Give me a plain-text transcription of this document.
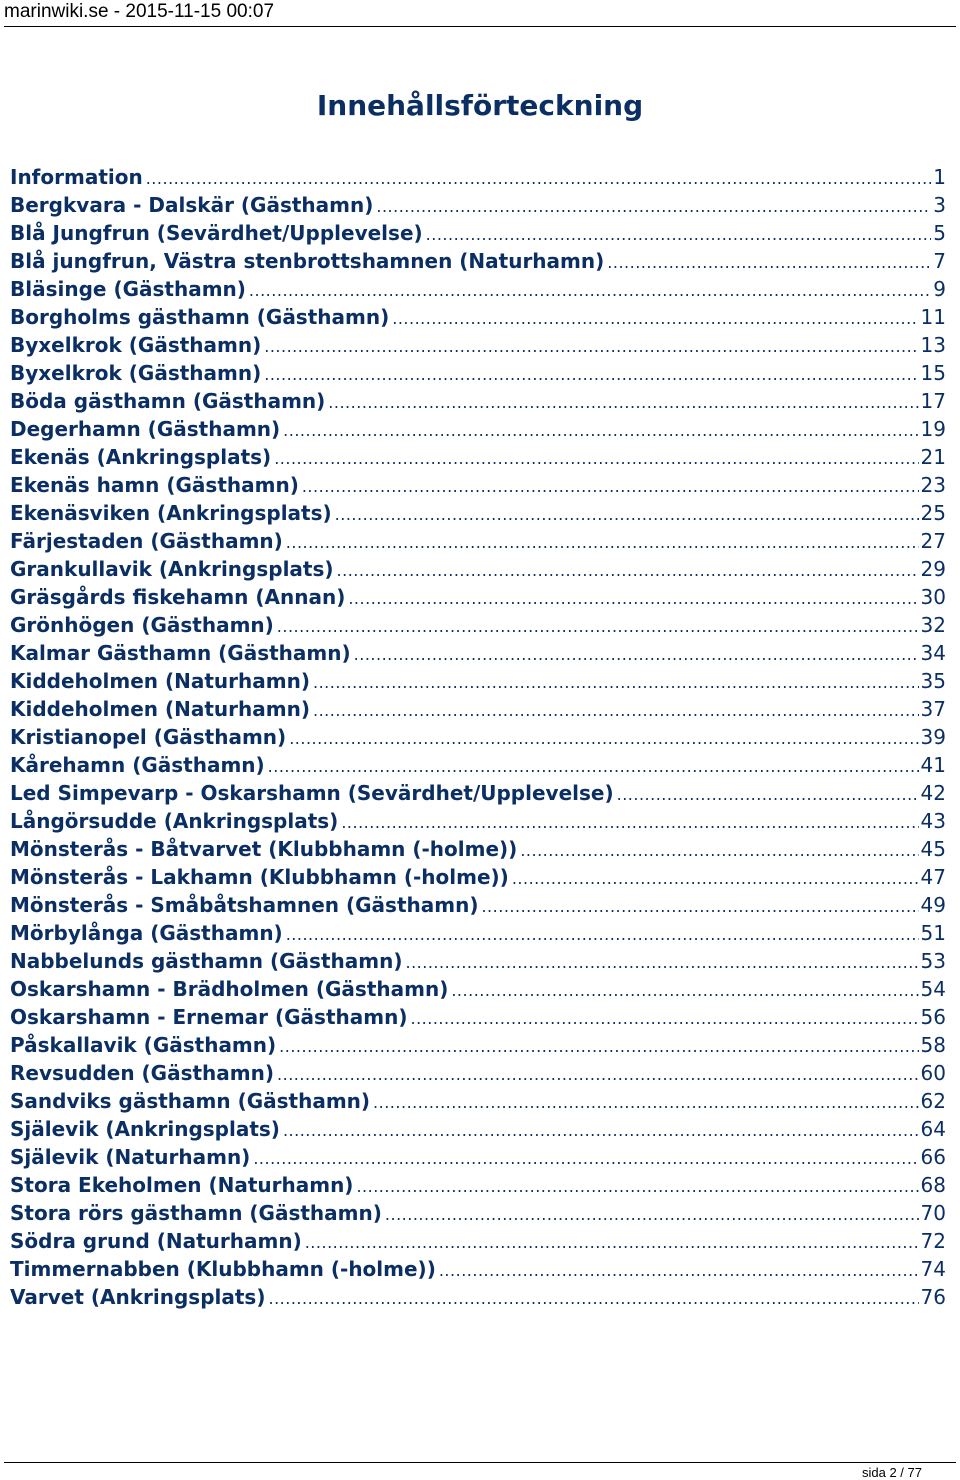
marinwiki.se - 2015-11-15 00:07
Innehållsförteckning
Information .....	1
Bergkvara - Dalskär (Gästhamn) .....	3
Blå Jungfrun (Sevärdhet/Upplevelse) .....	5
Blå jungfrun, Västra stenbrottshamnen (Naturhamn) .....	7
Bläsinge (Gästhamn) .....	9
Borgholms gästhamn (Gästhamn) .....	11
Byxelkrok (Gästhamn) .....	13
Byxelkrok (Gästhamn) .....	15
Böda gästhamn (Gästhamn) .....	17
Degerhamn (Gästhamn) .....	19
Ekenäs (Ankringsplats) .....	21
Ekenäs hamn (Gästhamn) .....	23
Ekenäsviken (Ankringsplats) .....	25
Färjestaden (Gästhamn) .....	27
Grankullavik (Ankringsplats) .....	29
Gräsgårds fiskehamn (Annan) .....	30
Grönhögen (Gästhamn) .....	32
Kalmar Gästhamn (Gästhamn) .....	34
Kiddeholmen (Naturhamn) .....	35
Kiddeholmen (Naturhamn) .....	37
Kristianopel (Gästhamn) .....	39
Kårehamn (Gästhamn) .....	41
Led Simpevarp - Oskarshamn (Sevärdhet/Upplevelse) .....	42
Långörsudde (Ankringsplats) .....	43
Mönsterås - Båtvarvet (Klubbhamn (-holme)) .....	45
Mönsterås - Lakhamn (Klubbhamn (-holme)) .....	47
Mönsterås - Småbåtshamnen (Gästhamn) .....	49
Mörbylånga (Gästhamn) .....	51
Nabbelunds gästhamn (Gästhamn) .....	53
Oskarshamn - Brädholmen (Gästhamn) .....	54
Oskarshamn - Ernemar (Gästhamn) .....	56
Påskallavik (Gästhamn) .....	58
Revsudden (Gästhamn) .....	60
Sandviks gästhamn (Gästhamn) .....	62
Själevik (Ankringsplats) .....	64
Själevik (Naturhamn) .....	66
Stora Ekeholmen (Naturhamn) .....	68
Stora rörs gästhamn (Gästhamn) .....	70
Södra grund (Naturhamn) .....	72
Timmernabben (Klubbhamn (-holme)) .....	74
Varvet (Ankringsplats) .....	76
sida 2 / 77
